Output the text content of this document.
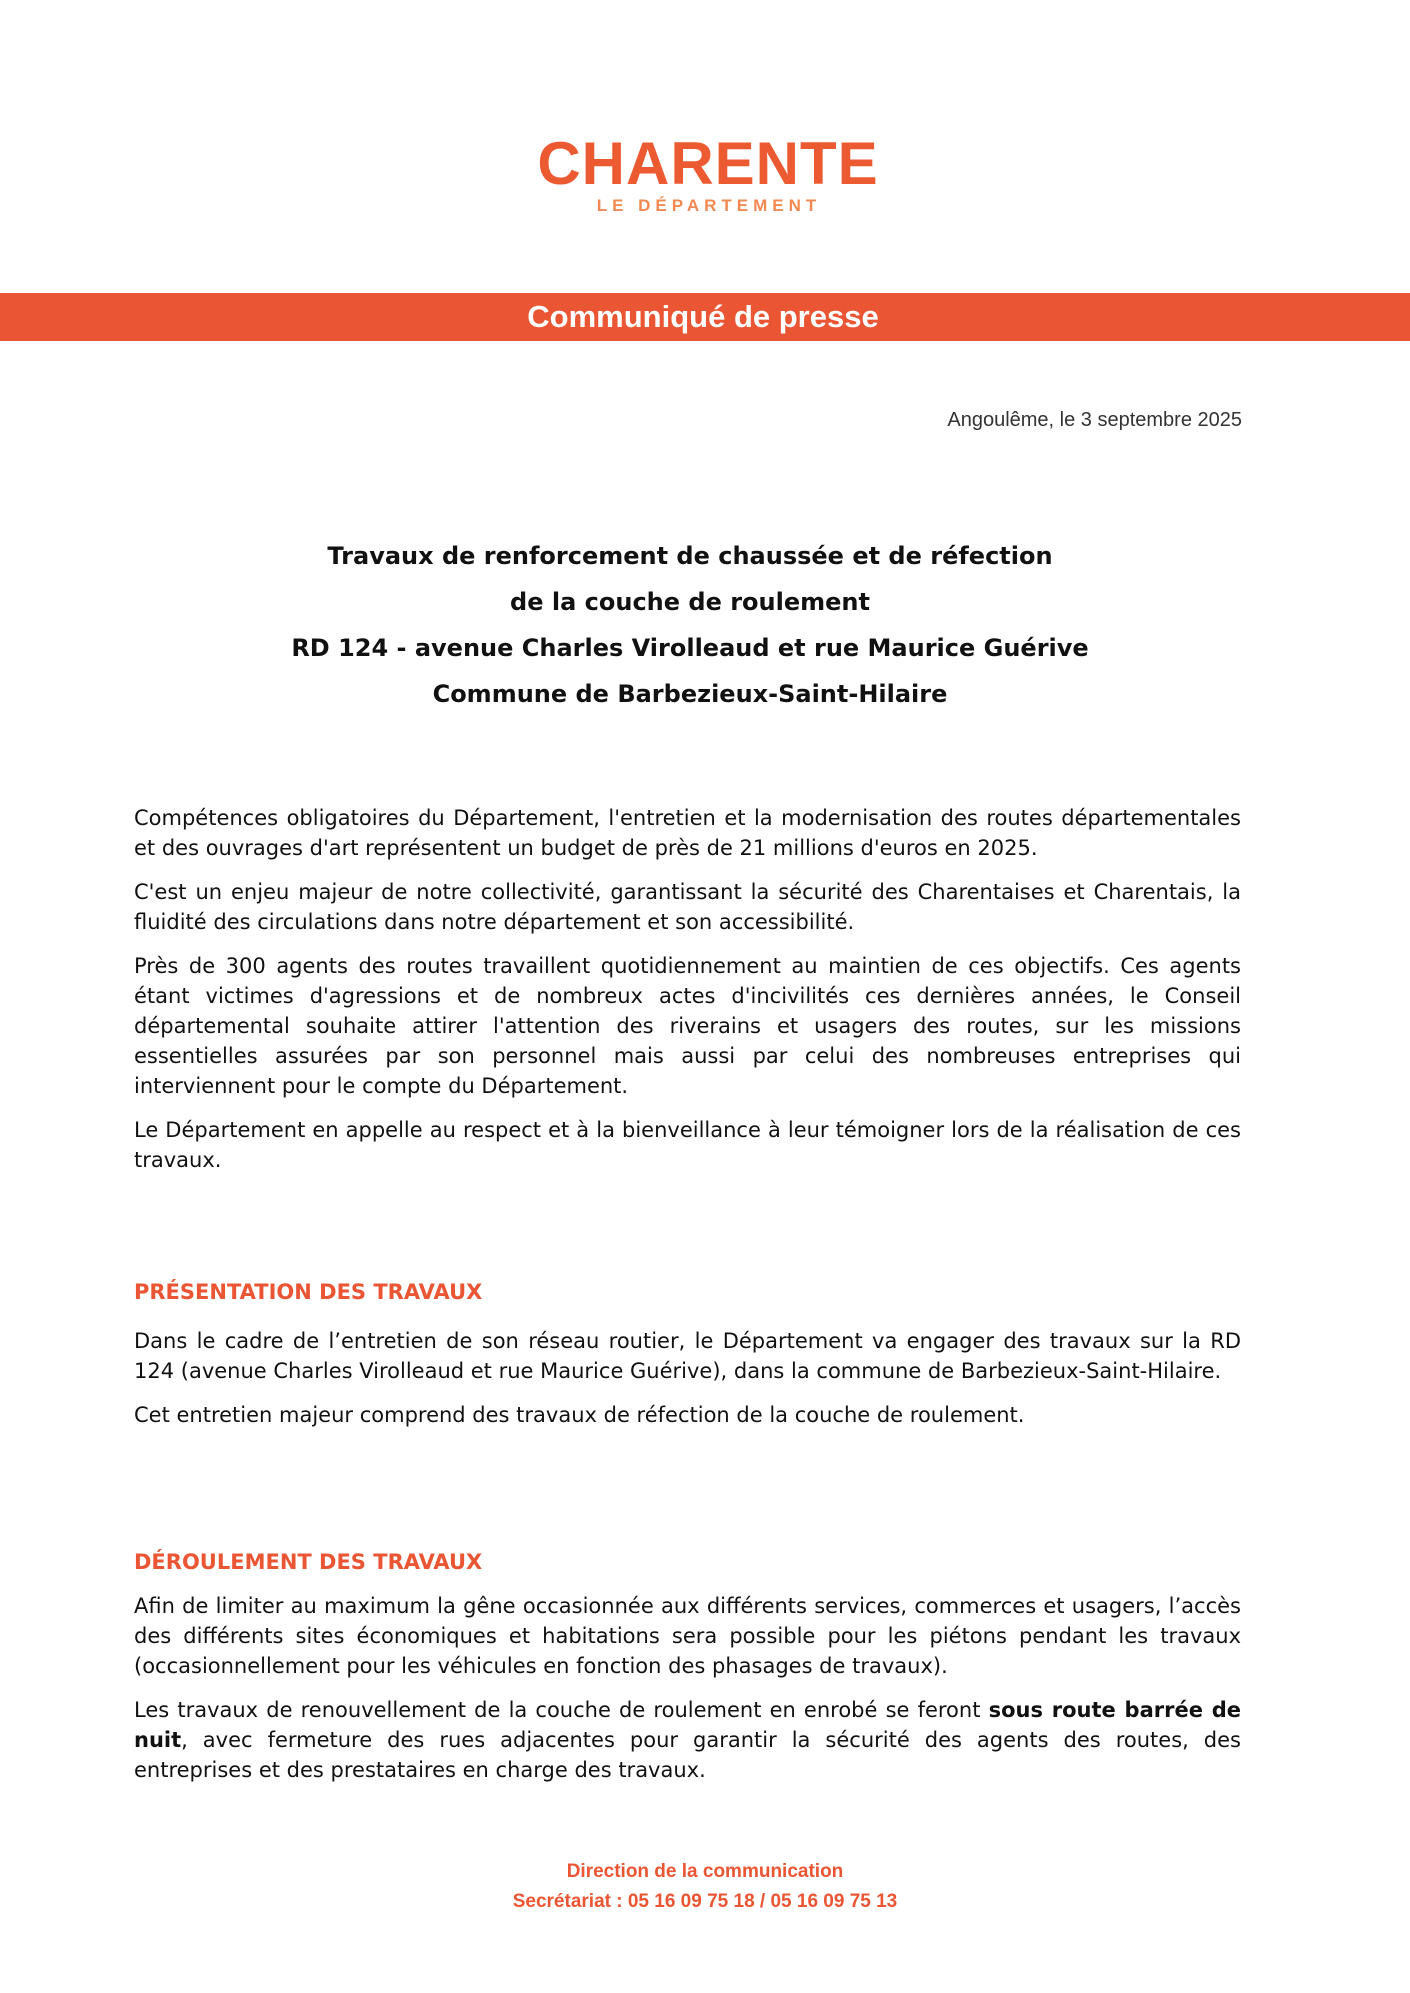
CHARENTE
LE DÉPARTEMENT
Communiqué de presse
Angoulême, le 3 septembre 2025
Travaux de renforcement de chaussée et de réfection
de la couche de roulement
RD 124 - avenue Charles Virolleaud et rue Maurice Guérive
Commune de Barbezieux-Saint-Hilaire

Compétences obligatoires du Département, l'entretien et la modernisation des routes départementales et des ouvrages d'art représentent un budget de près de 21 millions d'euros en 2025.

C'est un enjeu majeur de notre collectivité, garantissant la sécurité des Charentaises et Charentais, la fluidité des circulations dans notre département et son accessibilité.

Près de 300 agents des routes travaillent quotidiennement au maintien de ces objectifs. Ces agents étant victimes d'agressions et de nombreux actes d'incivilités ces dernières années, le Conseil départemental souhaite attirer l'attention des riverains et usagers des routes, sur les missions essentielles assurées par son personnel mais aussi par celui des nombreuses entreprises qui interviennent pour le compte du Département.

Le Département en appelle au respect et à la bienveillance à leur témoigner lors de la réalisation de ces travaux.

PRÉSENTATION DES TRAVAUX

Dans le cadre de l’entretien de son réseau routier, le Département va engager des travaux sur la RD 124 (avenue Charles Virolleaud et rue Maurice Guérive), dans la commune de Barbezieux-Saint-Hilaire.

Cet entretien majeur comprend des travaux de réfection de la couche de roulement.

DÉROULEMENT DES TRAVAUX

Afin de limiter au maximum la gêne occasionnée aux différents services, commerces et usagers, l’accès des différents sites économiques et habitations sera possible pour les piétons pendant les travaux (occasionnellement pour les véhicules en fonction des phasages de travaux).

Les travaux de renouvellement de la couche de roulement en enrobé se feront sous route barrée de nuit, avec fermeture des rues adjacentes pour garantir la sécurité des agents des routes, des entreprises et des prestataires en charge des travaux.

Direction de la communication
Secrétariat : 05 16 09 75 18 / 05 16 09 75 13
